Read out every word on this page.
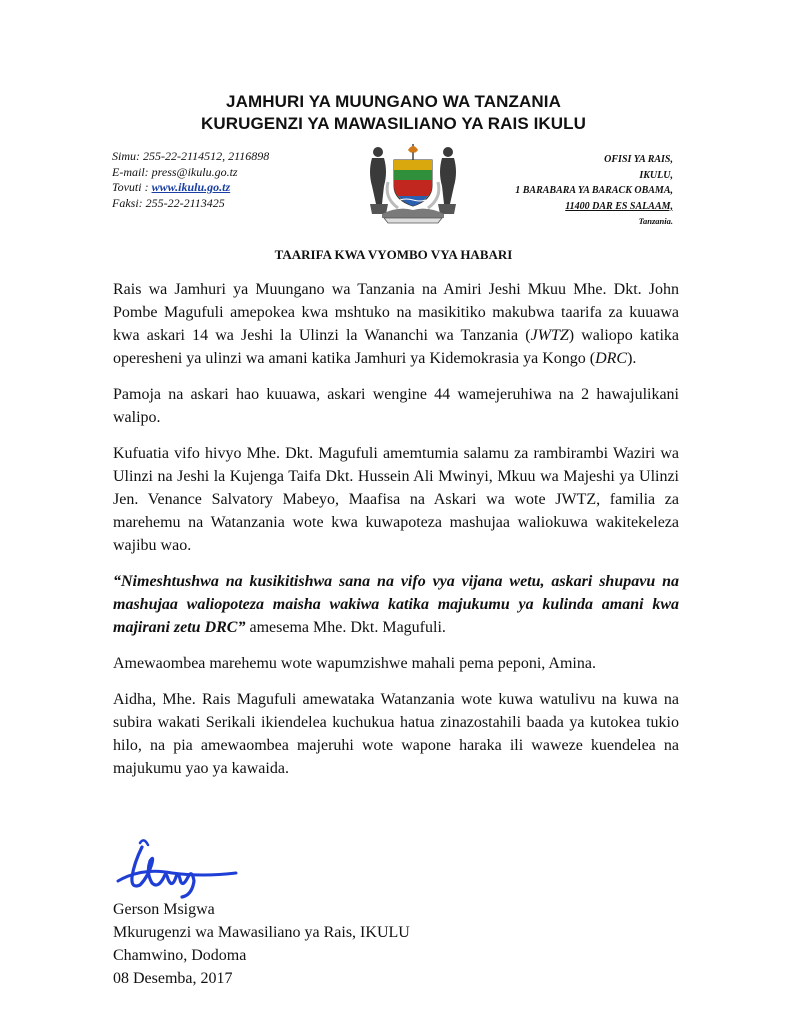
JAMHURI YA MUUNGANO WA TANZANIA
KURUGENZI YA MAWASILIANO YA RAIS IKULU
Simu: 255-22-2114512, 2116898
E-mail: press@ikulu.go.tz
Tovuti : www.ikulu.go.tz
Faksi: 255-22-2113425
OFISI YA RAIS,
IKULU,
1 BARABARA YA BARACK OBAMA,
11400 DAR ES SALAAM,
Tanzania.
TAARIFA KWA VYOMBO VYA HABARI

Rais wa Jamhuri ya Muungano wa Tanzania na Amiri Jeshi Mkuu Mhe. Dkt. John Pombe Magufuli amepokea kwa mshtuko na masikitiko makubwa taarifa za kuuawa kwa askari 14 wa Jeshi la Ulinzi la Wananchi wa Tanzania (JWTZ) waliopo katika operesheni ya ulinzi wa amani katika Jamhuri ya Kidemokrasia ya Kongo (DRC).

Pamoja na askari hao kuuawa, askari wengine 44 wamejeruhiwa na 2 hawajulikani walipo.

Kufuatia vifo hivyo Mhe. Dkt. Magufuli amemtumia salamu za rambirambi Waziri wa Ulinzi na Jeshi la Kujenga Taifa Dkt. Hussein Ali Mwinyi, Mkuu wa Majeshi ya Ulinzi Jen. Venance Salvatory Mabeyo, Maafisa na Askari wa wote JWTZ, familia za marehemu na Watanzania wote kwa kuwapoteza mashujaa waliokuwa wakitekeleza wajibu wao.

“Nimeshtushwa na kusikitishwa sana na vifo vya vijana wetu, askari shupavu na mashujaa waliopoteza maisha wakiwa katika majukumu ya kulinda amani kwa majirani zetu DRC” amesema Mhe. Dkt. Magufuli.

Amewaombea marehemu wote wapumzishwe mahali pema peponi, Amina.

Aidha, Mhe. Rais Magufuli amewataka Watanzania wote kuwa watulivu na kuwa na subira wakati Serikali ikiendelea kuchukua hatua zinazostahili baada ya kutokea tukio hilo, na pia amewaombea majeruhi wote wapone haraka ili waweze kuendelea na majukumu yao ya kawaida.

Gerson Msigwa
Mkurugenzi wa Mawasiliano ya Rais, IKULU
Chamwino, Dodoma
08 Desemba, 2017
